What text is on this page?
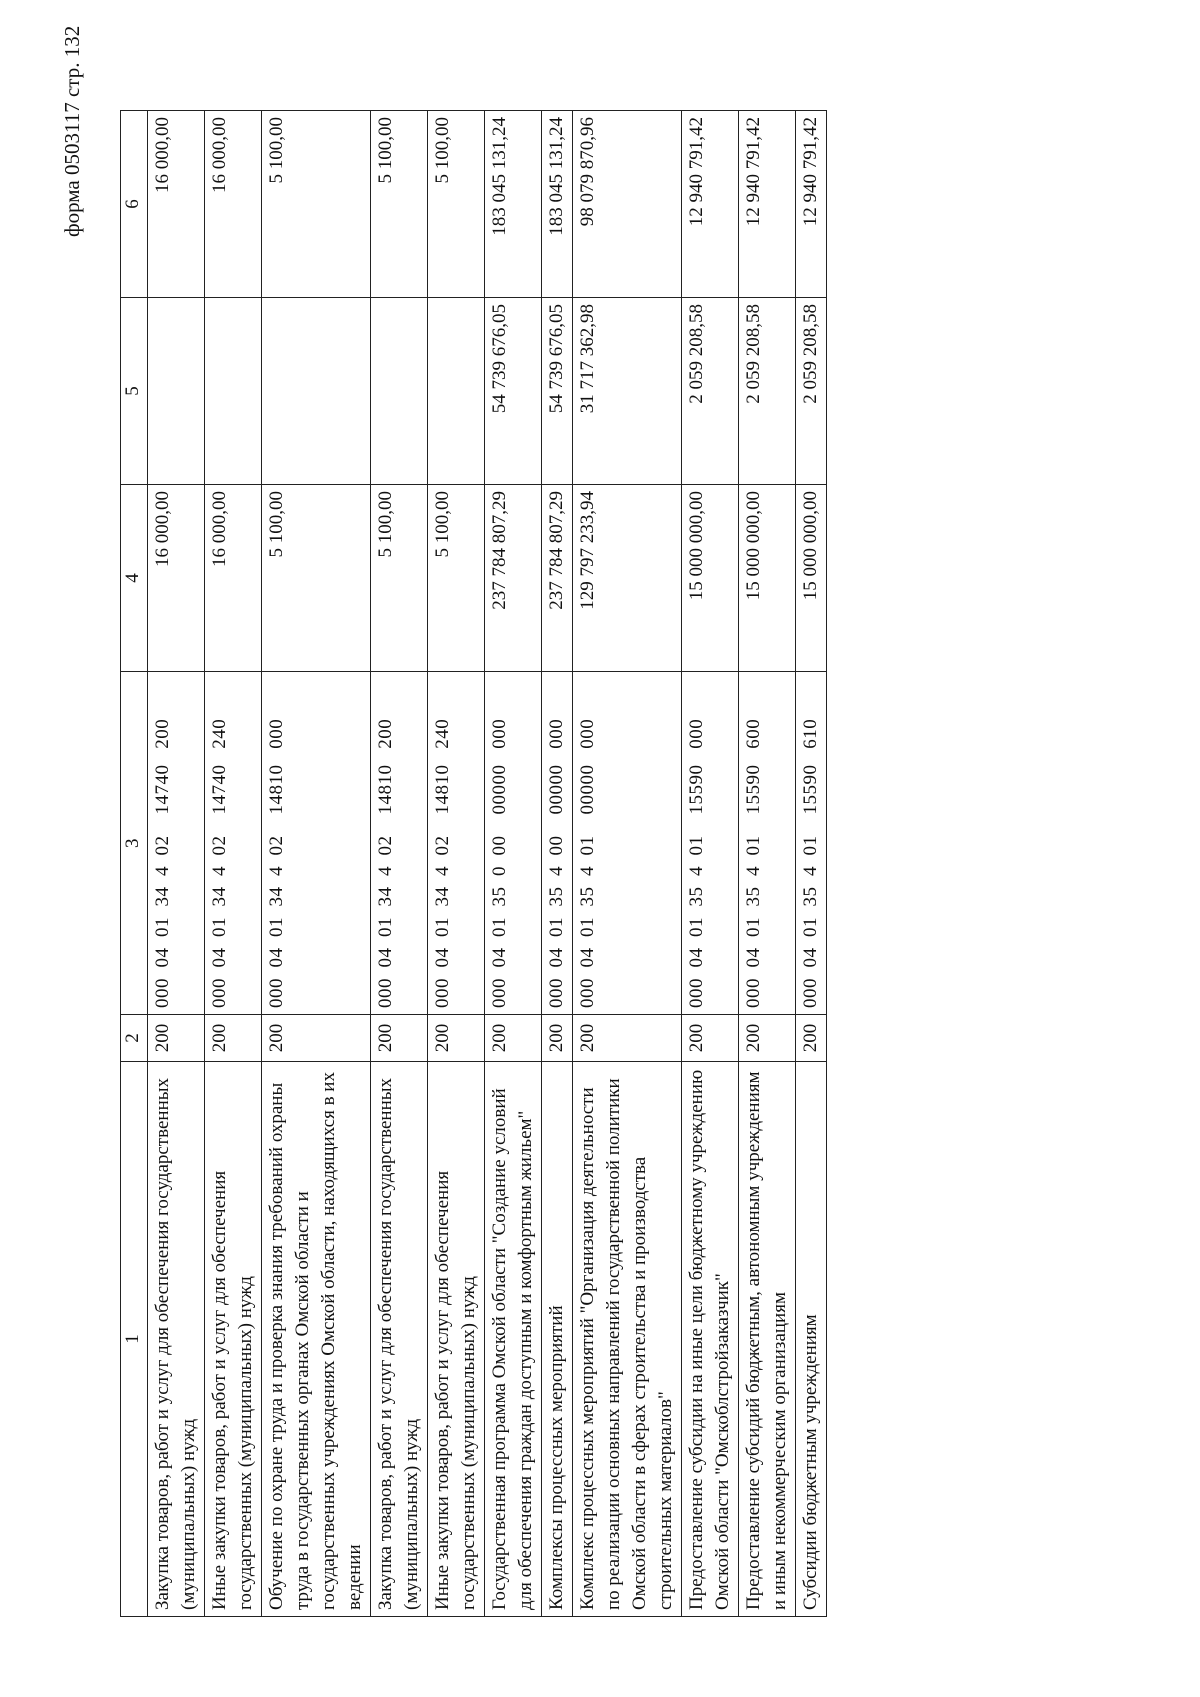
форма 0503117 стр. 132
1	2	3	4	5	6
Закупка товаров, работ и услуг для обеспечения государственных (муниципальных) нужд	200	000  04  01  34  4  02    14740   200	16 000,00		16 000,00
Иные закупки товаров, работ и услуг для обеспечения государственных (муниципальных) нужд	200	000  04  01  34  4  02    14740   240	16 000,00		16 000,00
Обучение по охране труда и проверка знания требований охраны труда в государственных органах Омской области и государственных учреждениях Омской области, находящихся в их ведении	200	000  04  01  34  4  02    14810   000	5 100,00		5 100,00
Закупка товаров, работ и услуг для обеспечения государственных (муниципальных) нужд	200	000  04  01  34  4  02    14810   200	5 100,00		5 100,00
Иные закупки товаров, работ и услуг для обеспечения государственных (муниципальных) нужд	200	000  04  01  34  4  02    14810   240	5 100,00		5 100,00
Государственная программа Омской области "Создание условий для обеспечения граждан доступным и комфортным жильем"	200	000  04  01  35  0  00    00000   000	237 784 807,29	54 739 676,05	183 045 131,24
Комплексы процессных мероприятий	200	000  04  01  35  4  00    00000   000	237 784 807,29	54 739 676,05	183 045 131,24
Комплекс процессных мероприятий "Организация деятельности по реализации основных направлений государственной политики Омской области в сферах строительства и производства строительных материалов"	200	000  04  01  35  4  01    00000   000	129 797 233,94	31 717 362,98	98 079 870,96
Предоставление субсидии на иные цели бюджетному учреждению Омской области "Омскоблстройзаказчик"	200	000  04  01  35  4  01    15590   000	15 000 000,00	2 059 208,58	12 940 791,42
Предоставление субсидий бюджетным, автономным учреждениям и иным некоммерческим организациям	200	000  04  01  35  4  01    15590   600	15 000 000,00	2 059 208,58	12 940 791,42
Субсидии бюджетным учреждениям	200	000  04  01  35  4  01    15590   610	15 000 000,00	2 059 208,58	12 940 791,42
